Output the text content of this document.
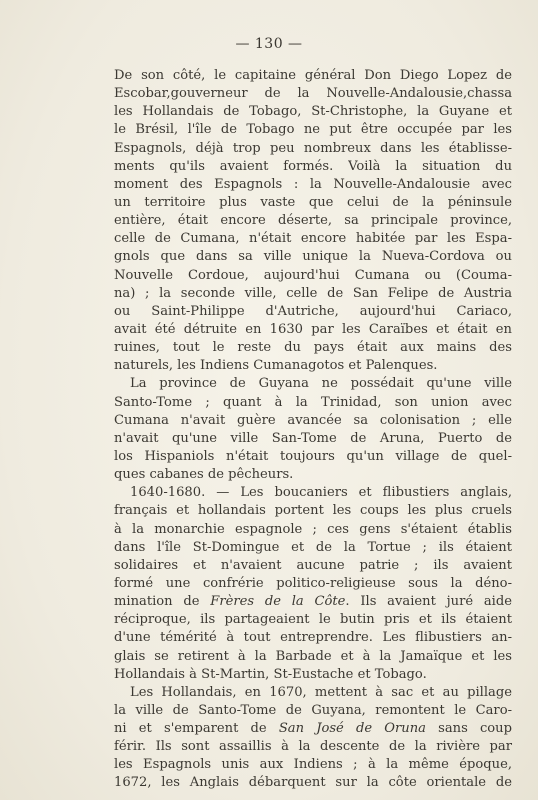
— 130 —
De son côté, le capitaine général Don Diego Lopez de
Escobar,gouverneur de la Nouvelle-Andalousie,chassa
les Hollandais de Tobago, St-Christophe, la Guyane et
le Brésil, l'île de Tobago ne put être occupée par les
Espagnols, déjà trop peu nombreux dans les établisse-
ments qu'ils avaient formés. Voilà la situation du
moment des Espagnols : la Nouvelle-Andalousie avec
un territoire plus vaste que celui de la péninsule
entière, était encore déserte, sa principale province,
celle de Cumana, n'était encore habitée par les Espa-
gnols que dans sa ville unique la Nueva-Cordova ou
Nouvelle Cordoue, aujourd'hui Cumana ou (Couma-
na) ; la seconde ville, celle de San Felipe de Austria
ou Saint-Philippe d'Autriche, aujourd'hui Cariaco,
avait été détruite en 1630 par les Caraïbes et était en
ruines, tout le reste du pays était aux mains des
naturels, les Indiens Cumanagotos et Palenques.
La province de Guyana ne possédait qu'une ville
Santo-Tome ; quant à la Trinidad, son union avec
Cumana n'avait guère avancée sa colonisation ; elle
n'avait qu'une ville San-Tome de Aruna, Puerto de
los Hispaniols n'était toujours qu'un village de quel-
ques cabanes de pêcheurs.
1640-1680. — Les boucaniers et flibustiers anglais,
français et hollandais portent les coups les plus cruels
à la monarchie espagnole ; ces gens s'étaient établis
dans l'île St-Domingue et de la Tortue ; ils étaient
solidaires et n'avaient aucune patrie ; ils avaient
formé une confrérie politico-religieuse sous la déno-
mination de Frères de la Côte. Ils avaient juré aide
réciproque, ils partageaient le butin pris et ils étaient
d'une témérité à tout entreprendre. Les flibustiers an-
glais se retirent à la Barbade et à la Jamaïque et les
Hollandais à St-Martin, St-Eustache et Tobago.
Les Hollandais, en 1670, mettent à sac et au pillage
la ville de Santo-Tome de Guyana, remontent le Caro-
ni et s'emparent de San José de Oruna sans coup
férir. Ils sont assaillis à la descente de la rivière par
les Espagnols unis aux Indiens ; à la même époque,
1672, les Anglais débarquent sur la côte orientale de
